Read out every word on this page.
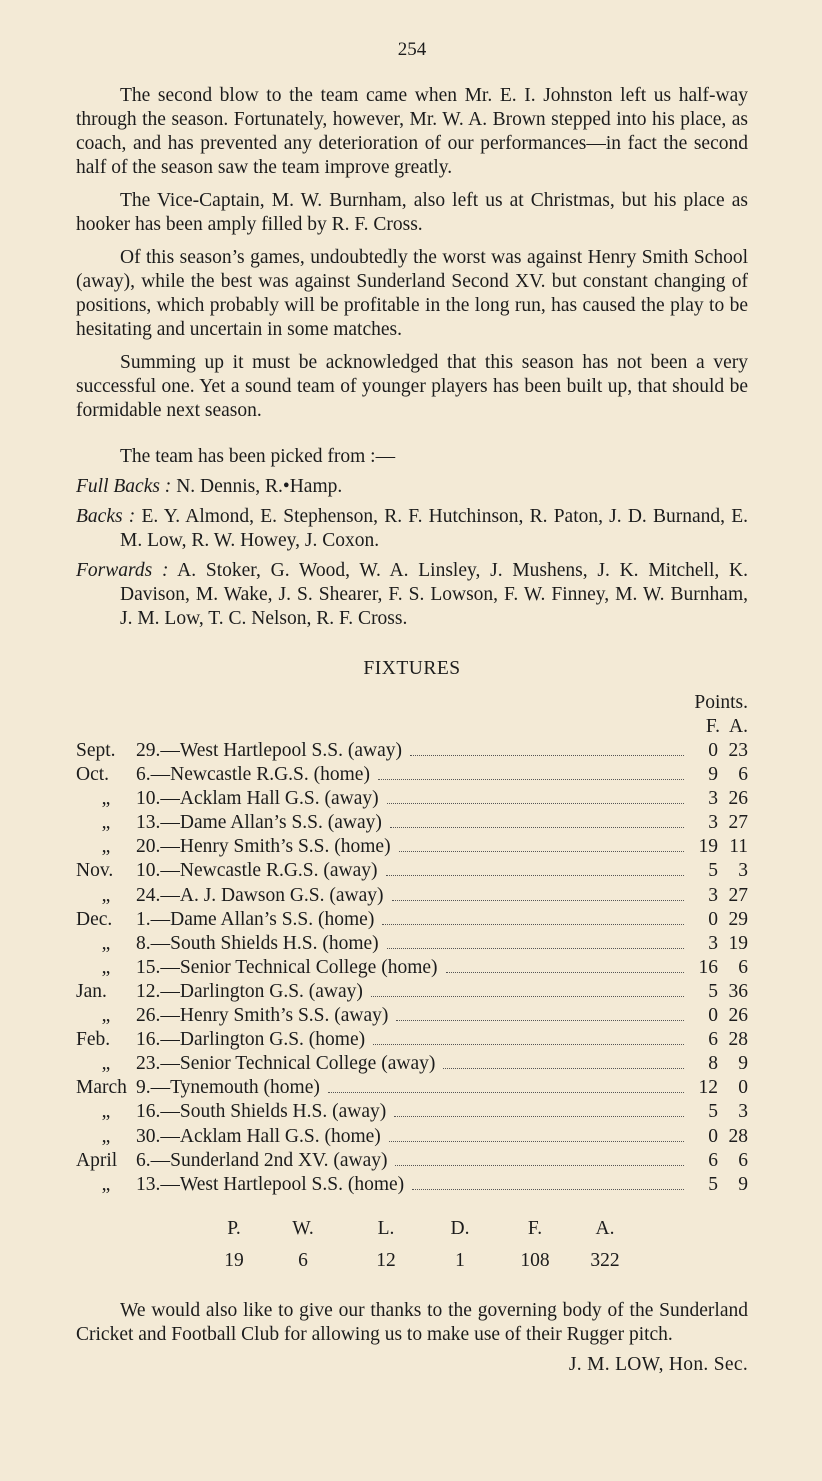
254

The second blow to the team came when Mr. E. I. Johnston left us half-way through the season. Fortunately, however, Mr. W. A. Brown stepped into his place, as coach, and has prevented any deterioration of our performances—in fact the second half of the season saw the team improve greatly.

The Vice-Captain, M. W. Burnham, also left us at Christmas, but his place as hooker has been amply filled by R. F. Cross.

Of this season’s games, undoubtedly the worst was against Henry Smith School (away), while the best was against Sunderland Second XV. but constant changing of positions, which probably will be profitable in the long run, has caused the play to be hesitating and uncertain in some matches.

Summing up it must be acknowledged that this season has not been a very successful one. Yet a sound team of younger players has been built up, that should be formidable next season.

The team has been picked from :—

Full Backs : N. Dennis, R.•Hamp.

Backs : E. Y. Almond, E. Stephenson, R. F. Hutchinson, R. Paton, J. D. Burnand, E. M. Low, R. W. Howey, J. Coxon.

Forwards : A. Stoker, G. Wood, W. A. Linsley, J. Mushens, J. K. Mitchell, K. Davison, M. Wake, J. S. Shearer, F. S. Lowson, F. W. Finney, M. W. Burnham, J. M. Low, T. C. Nelson, R. F. Cross.

FIXTURES
Points.
F. A.
Sept.	29.—West Hartlepool S.S. (away)	0 23
Oct.	6.—Newcastle R.G.S. (home)	9	6
„	10.—Acklam Hall G.S. (away)	3 26
„	13.—Dame Allan’s S.S. (away)	3 27
„	20.—Henry Smith’s S.S. (home)	19 11
Nov.	10.—Newcastle R.G.S. (away)	5	3
„	24.—A. J. Dawson G.S. (away)	3 27
Dec.	1.—Dame Allan’s S.S. (home)	0 29
„	8.—South Shields H.S. (home)	3 19
„	15.—Senior Technical College (home)	16	6
Jan.	12.—Darlington G.S. (away)	5 36
„	26.—Henry Smith’s S.S. (away)	0 26
Feb.	16.—Darlington G.S. (home)	6 28
„	23.—Senior Technical College (away)	8	9
March 9.—Tynemouth (home)	12	0
„	16.—South Shields H.S. (away)	5	3
„	30.—Acklam Hall G.S. (home)	0 28
April 6.—Sunderland 2nd XV. (away)	6	6
„	13.—West Hartlepool S.S. (home)	5	9
P.	W.	L.	D.	F.	A.
19	6	12	1	108	322

We would also like to give our thanks to the governing body of the Sunderland Cricket and Football Club for allowing us to make use of their Rugger pitch.

J. M. LOW, Hon. Sec.
